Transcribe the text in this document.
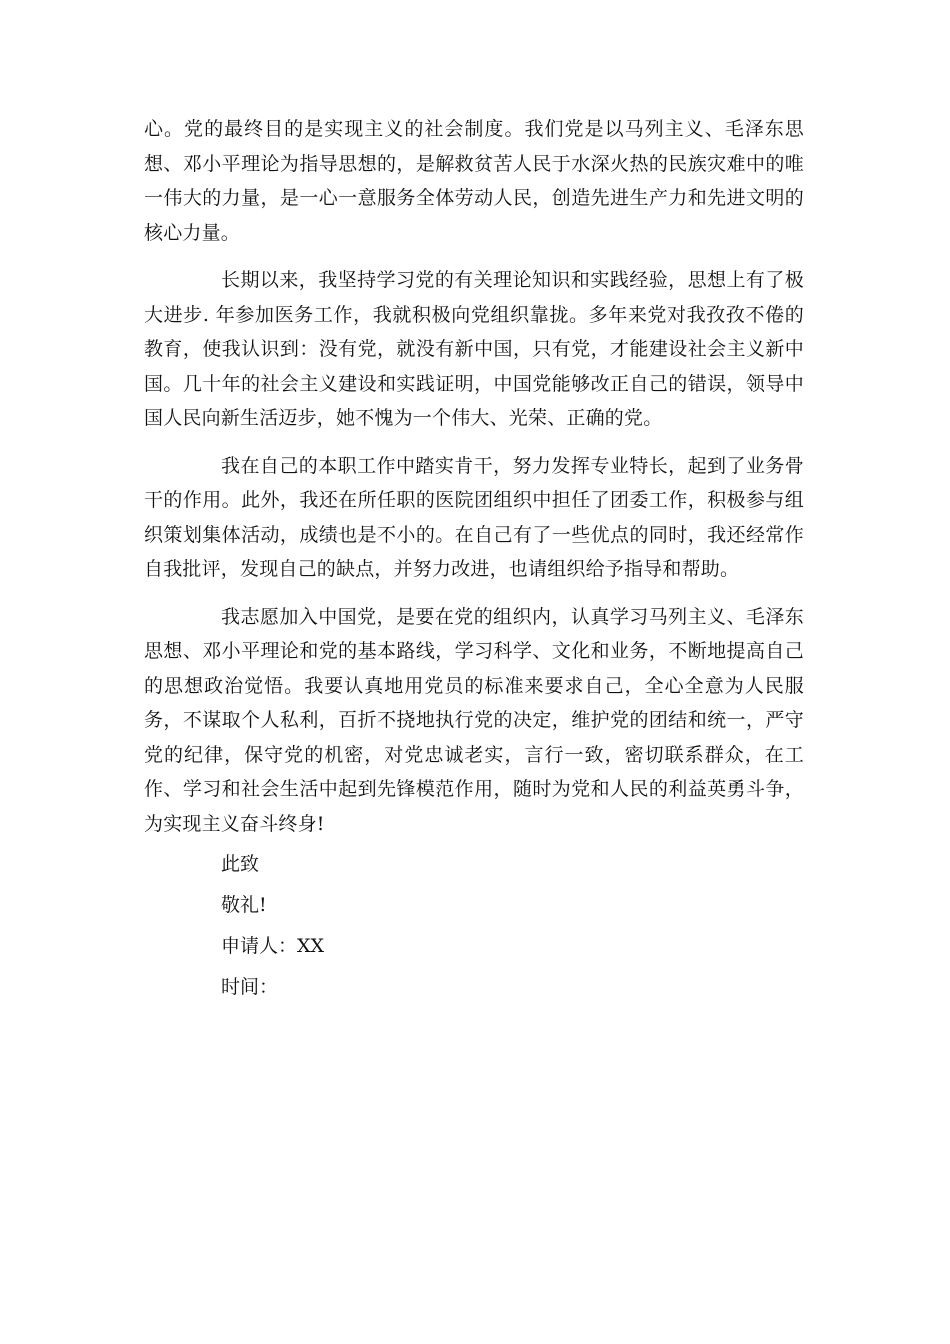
心。党的最终目的是实现主义的社会制度。我们党是以马列主义、毛泽东思想、邓小平理论为指导思想的，是解救贫苦人民于水深火热的民族灾难中的唯一伟大的力量，是一心一意服务全体劳动人民，创造先进生产力和先进文明的核心力量。

长期以来，我坚持学习党的有关理论知识和实践经验，思想上有了极大进步. 年参加医务工作，我就积极向党组织靠拢。多年来党对我孜孜不倦的教育，使我认识到：没有党，就没有新中国，只有党，才能建设社会主义新中国。几十年的社会主义建设和实践证明，中国党能够改正自己的错误，领导中国人民向新生活迈步，她不愧为一个伟大、光荣、正确的党。

我在自己的本职工作中踏实肯干，努力发挥专业特长，起到了业务骨干的作用。此外，我还在所任职的医院团组织中担任了团委工作，积极参与组织策划集体活动，成绩也是不小的。在自己有了一些优点的同时，我还经常作自我批评，发现自己的缺点，并努力改进，也请组织给予指导和帮助。

我志愿加入中国党，是要在党的组织内，认真学习马列主义、毛泽东思想、邓小平理论和党的基本路线，学习科学、文化和业务，不断地提高自己的思想政治觉悟。我要认真地用党员的标准来要求自己，全心全意为人民服务，不谋取个人私利，百折不挠地执行党的决定，维护党的团结和统一，严守党的纪律，保守党的机密，对党忠诚老实，言行一致，密切联系群众，在工作、学习和社会生活中起到先锋模范作用，随时为党和人民的利益英勇斗争，为实现主义奋斗终身!

此致

敬礼!

申请人：XX

时间：
